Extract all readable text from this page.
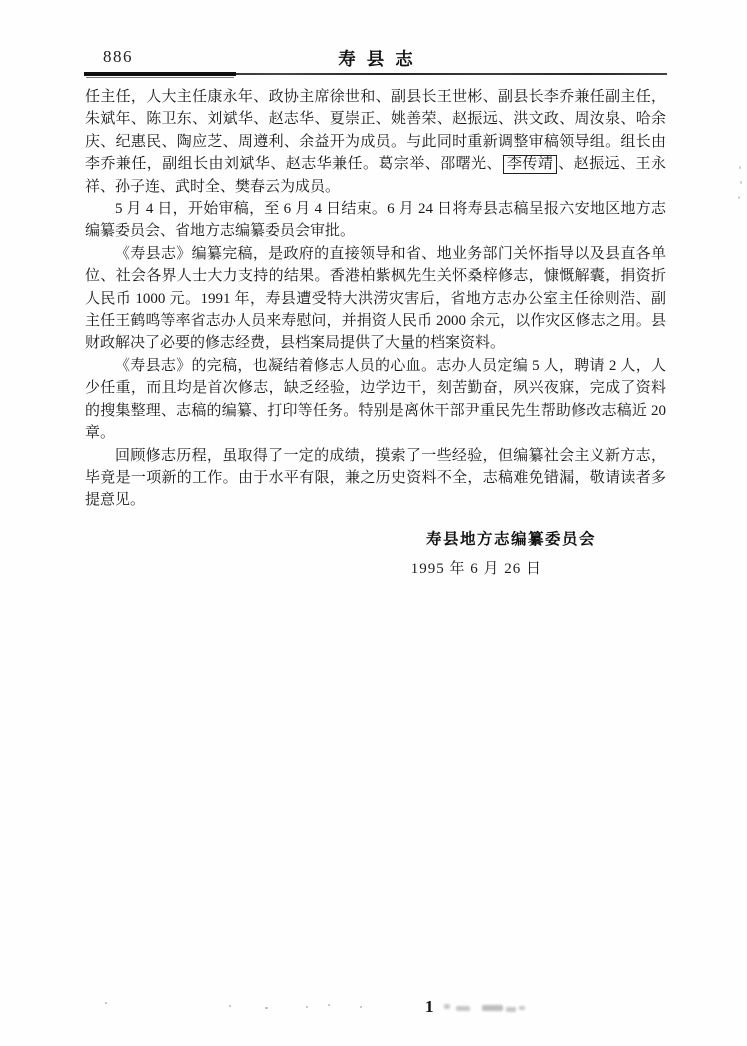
886	寿县志

任主任，人大主任康永年、政协主席徐世和、副县长王世彬、副县长李乔兼任副主任，朱斌年、陈卫东、刘斌华、赵志华、夏崇正、姚善荣、赵振远、洪文政、周汝泉、哈余庆、纪惠民、陶应芝、周遵利、余益开为成员。与此同时重新调整审稿领导组。组长由李乔兼任，副组长由刘斌华、赵志华兼任。葛宗举、邵曙光、 李传靖 、赵振远、王永祥、孙子连、武时全、樊春云为成员。

5 月 4 日，开始审稿，至 6 月 4 日结束。6 月 24 日将寿县志稿呈报六安地区地方志编纂委员会、省地方志编纂委员会审批。

《寿县志》编纂完稿，是政府的直接领导和省、地业务部门关怀指导以及县直各单位、社会各界人士大力支持的结果。香港柏紫枫先生关怀桑梓修志，慷慨解囊，捐资折人民币 1000 元。1991 年，寿县遭受特大洪涝灾害后，省地方志办公室主任徐则浩、副主任王鹤鸣等率省志办人员来寿慰问，并捐资人民币 2000 余元，以作灾区修志之用。县财政解决了必要的修志经费，县档案局提供了大量的档案资料。

《寿县志》的完稿，也凝结着修志人员的心血。志办人员定编 5 人，聘请 2 人，人少任重，而且均是首次修志，缺乏经验，边学边干，刻苦勤奋，夙兴夜寐，完成了资料的搜集整理、志稿的编纂、打印等任务。特别是离休干部尹重民先生帮助修改志稿近 20 章。

回顾修志历程，虽取得了一定的成绩，摸索了一些经验，但编纂社会主义新方志，毕竟是一项新的工作。由于水平有限，兼之历史资料不全，志稿难免错漏，敬请读者多提意见。

寿县地方志编纂委员会
1995 年 6 月 26 日
1
